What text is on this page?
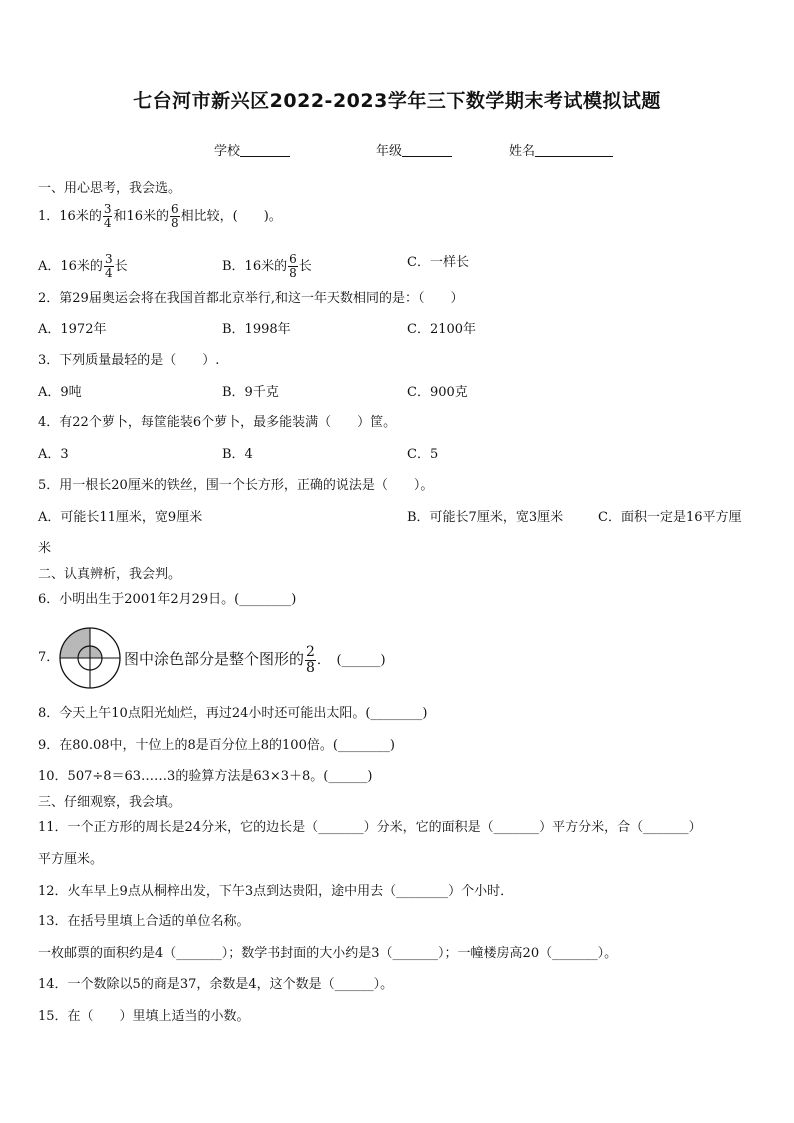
七台河市新兴区2022-2023学年三下数学期末考试模拟试题
学校	年级	姓名
一、用心思考，我会选。
1．16米的 $\frac{3}{4}$ 和16米的 $\frac{6}{8}$ 相比较，(　　)。
A．16米的 $\frac{3}{4}$ 长	B．16米的 $\frac{6}{8}$ 长	C．一样长
2．第29届奥运会将在我国首都北京举行,和这一年天数相同的是：（　　）
A．1972年	B．1998年	C．2100年
3．下列质量最轻的是（　　）.
A．9吨	B．9千克	C．900克
4．有22个萝卜，每筐能装6个萝卜，最多能装满（　　）筐。
A．3	B．4	C．5
5．用一根长20厘米的铁丝，围一个长方形，正确的说法是（　　）。
A．可能长11厘米，宽9厘米	B．可能长7厘米，宽3厘米	C．面积一定是16平方厘
米
二、认真辨析，我会判。
6．小明出生于2001年2月29日。(________)
7．	图中涂色部分是整个图形的 $\frac{2}{8}$ ．　(______)
8．今天上午10点阳光灿烂，再过24小时还可能出太阳。(________)
9．在80.08中，十位上的8是百分位上8的100倍。(________)
10．507÷8＝63……3的验算方法是63×3＋8。(______)
三、仔细观察，我会填。
11．一个正方形的周长是24分米，它的边长是（_______）分米，它的面积是（_______）平方分米，合（_______）
平方厘米。
12．火车早上9点从桐梓出发，下午3点到达贵阳，途中用去（________）个小时．
13．在括号里填上合适的单位名称。
一枚邮票的面积约是4（_______）；数学书封面的大小约是3（_______）；一幢楼房高20（_______）。
14．一个数除以5的商是37，余数是4，这个数是（______）。
15．在（　　）里填上适当的小数。
